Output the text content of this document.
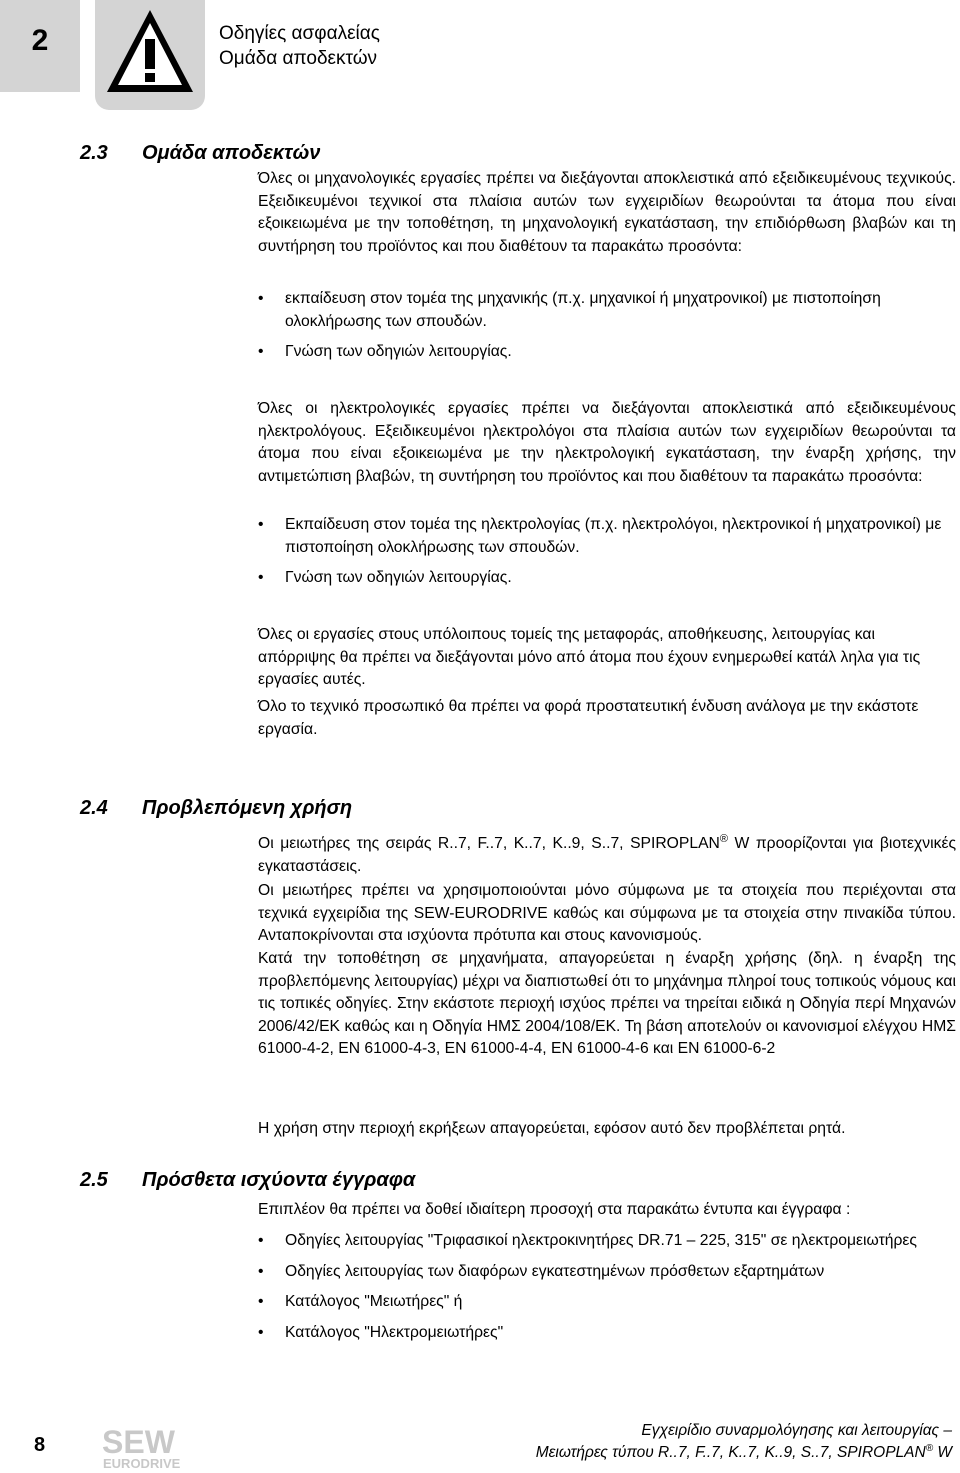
2	Οδηγίες ασφαλείας
Ομάδα αποδεκτών
2.3 Ομάδα αποδεκτών

Όλες οι μηχανολογικές εργασίες πρέπει να διεξάγονται αποκλειστικά από εξειδικευμένους τεχνικούς. Εξειδικευμένοι τεχνικοί στα πλαίσια αυτών των εγχειριδίων θεωρούνται τα άτομα που είναι εξοικειωμένα με την τοποθέτηση, τη μηχανολογική εγκατάσταση, την επιδιόρθωση βλαβών και τη συντήρηση του προϊόντος και που διαθέτουν τα παρακάτω προσόντα:

• εκπαίδευση στον τομέα της μηχανικής (π.χ. μηχανικοί ή μηχατρονικοί) με πιστοποίηση ολοκλήρωσης των σπουδών.
• Γνώση των οδηγιών λειτουργίας.

Όλες οι ηλεκτρολογικές εργασίες πρέπει να διεξάγονται αποκλειστικά από εξειδικευμένους ηλεκτρολόγους. Εξειδικευμένοι ηλεκτρολόγοι στα πλαίσια αυτών των εγχειριδίων θεωρούνται τα άτομα που είναι εξοικειωμένα με την ηλεκτρολογική εγκατάσταση, την έναρξη χρήσης, την αντιμετώπιση βλαβών, τη συντήρηση του προϊόντος και που διαθέτουν τα παρακάτω προσόντα:

• Εκπαίδευση στον τομέα της ηλεκτρολογίας (π.χ. ηλεκτρολόγοι, ηλεκτρονικοί ή μηχατρονικοί) με πιστοποίηση ολοκλήρωσης των σπουδών.
• Γνώση των οδηγιών λειτουργίας.

Όλες οι εργασίες στους υπόλοιπους τομείς της μεταφοράς, αποθήκευσης, λειτουργίας και απόρριψης θα πρέπει να διεξάγονται μόνο από άτομα που έχουν ενημερωθεί κατάλ ληλα για τις εργασίες αυτές.

Όλο το τεχνικό προσωπικό θα πρέπει να φορά προστατευτική ένδυση ανάλογα με την εκάστοτε εργασία.

2.4 Προβλεπόμενη χρήση

Οι μειωτήρες της σειράς R..7, F..7, K..7, K..9, S..7, SPIROPLAN® W προορίζονται για βιοτεχνικές εγκαταστάσεις.

Οι μειωτήρες πρέπει να χρησιμοποιούνται μόνο σύμφωνα με τα στοιχεία που περιέχονται στα τεχνικά εγχειρίδια της SEW-EURODRIVE καθώς και σύμφωνα με τα στοιχεία στην πινακίδα τύπου. Ανταποκρίνονται στα ισχύοντα πρότυπα και στους κανονισμούς.

Κατά την τοποθέτηση σε μηχανήματα, απαγορεύεται η έναρξη χρήσης (δηλ. η έναρξη της προβλεπόμενης λειτουργίας) μέχρι να διαπιστωθεί ότι το μηχάνημα πληροί τους τοπικούς νόμους και τις τοπικές οδηγίες. Στην εκάστοτε περιοχή ισχύος πρέπει να τηρείται ειδικά η Οδηγία περί Μηχανών 2006/42/ΕΚ καθώς και η Οδηγία ΗΜΣ 2004/108/ΕΚ. Τη βάση αποτελούν οι κανονισμοί ελέγχου ΗΜΣ 61000-4-2, EN 61000-4-3, EN 61000-4-4, EN 61000-4-6 και EN 61000-6-2

Η χρήση στην περιοχή εκρήξεων απαγορεύεται, εφόσον αυτό δεν προβλέπεται ρητά.

2.5 Πρόσθετα ισχύοντα έγγραφα

Επιπλέον θα πρέπει να δοθεί ιδιαίτερη προσοχή στα παρακάτω έντυπα και έγγραφα :

• Οδηγίες λειτουργίας "Τριφασικοί ηλεκτροκινητήρες DR.71 – 225, 315" σε ηλεκτρομειωτήρες
• Οδηγίες λειτουργίας των διαφόρων εγκατεστημένων πρόσθετων εξαρτημάτων
• Κατάλογος "Μειωτήρες" ή
• Κατάλογος "Ηλεκτρομειωτήρες"
8 SEW
EURODRIVE
Εγχειρίδιο συναρμολόγησης και λειτουργίας –
Μειωτήρες τύπου R..7, F..7, K..7, K..9, S..7, SPIROPLAN® W
